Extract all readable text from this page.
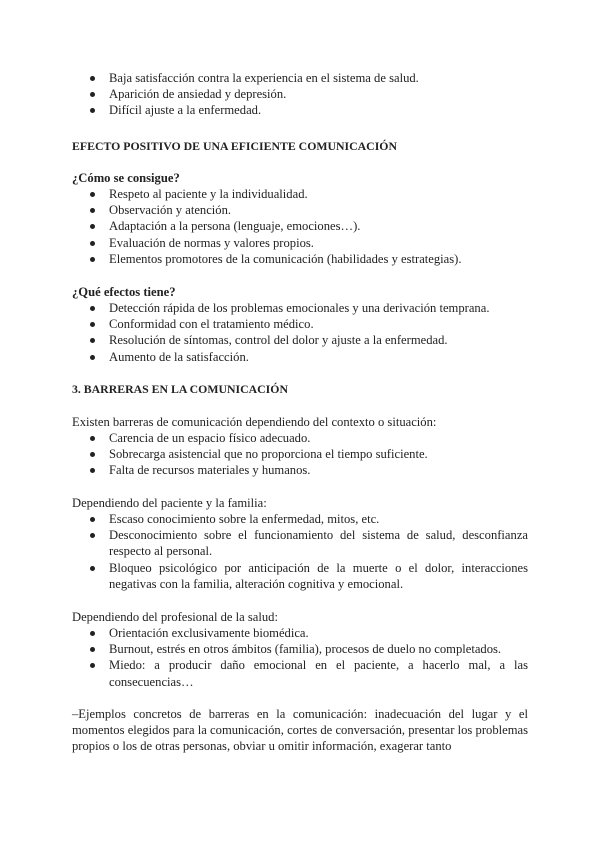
Baja satisfacción contra la experiencia en el sistema de salud.
Aparición de ansiedad y depresión.
Difícil ajuste a la enfermedad.

EFECTO POSITIVO DE UNA EFICIENTE COMUNICACIÓN

¿Cómo se consigue?

Respeto al paciente y la individualidad.
Observación y atención.
Adaptación a la persona (lenguaje, emociones…).
Evaluación de normas y valores propios.
Elementos promotores de la comunicación (habilidades y estrategias).

¿Qué efectos tiene?

Detección rápida de los problemas emocionales y una derivación temprana.
Conformidad con el tratamiento médico.
Resolución de síntomas, control del dolor y ajuste a la enfermedad.
Aumento de la satisfacción.

3. BARRERAS EN LA COMUNICACIÓN

Existen barreras de comunicación dependiendo del contexto o situación:

Carencia de un espacio físico adecuado.
Sobrecarga asistencial que no proporciona el tiempo suficiente.
Falta de recursos materiales y humanos.

Dependiendo del paciente y la familia:

Escaso conocimiento sobre la enfermedad, mitos, etc.
Desconocimiento sobre el funcionamiento del sistema de salud, desconfianza respecto al personal.
Bloqueo psicológico por anticipación de la muerte o el dolor, interacciones negativas con la familia, alteración cognitiva y emocional.

Dependiendo del profesional de la salud:

Orientación exclusivamente biomédica.
Burnout, estrés en otros ámbitos (familia), procesos de duelo no completados.
Miedo: a producir daño emocional en el paciente, a hacerlo mal, a las consecuencias…

–Ejemplos concretos de barreras en la comunicación: inadecuación del lugar y el momentos elegidos para la comunicación, cortes de conversación, presentar los problemas propios o los de otras personas, obviar u omitir información, exagerar tanto
